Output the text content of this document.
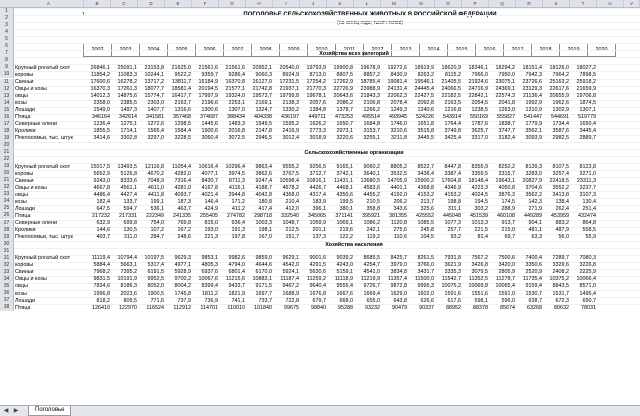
A	B	C	D	E	F	G	H	I	J	K	L	M	N	O	P	Q	R	S	T	U	V
1	ПОГОЛОВЬЕ СЕЛЬСКОХОЗЯЙСТВЕННЫХ ЖИВОТНЫХ В РОССИЙСКОЙ ФЕДЕРАЦИИ
(на конец года; тысяч голов)
2002	2003	2004	2005	2006	2007	2008	2009	2010	2011	2012	2013	2014	2015	2016	2017	2018	2019	2020
1
2
3
4
5
6
7	Хозяйства всех категорий
8
9	Крупный рогатый скот	26846,1	25091,1	23153,8	21625,0	21561,6	21561,6	20952,1	20540,0	19793,9	19900,8	19678,9	19272,6	18919,9	18620,9	18346,1	18294,2	18151,4	18126,0	18027,2
10	коровы	11854,2	11083,3	10244,1	9522,2	9359,7	9286,4	9060,3	8924,9	8713,0	8807,5	8857,2	8430,9	8263,2	8115,2	7966,0	7950,0	7942,3	7964,2	7898,5
11	Свиньи	17600,6	16278,2	13717,2	13811,7	16184,9	16370,8	16127,0	17231,5	17254,2	17262,9	18785,4	19081,4	19546,1	21405,5	21924,6	23075,1	23726,6	25163,2	25918,2
12	Овцы и козы	16370,3	17261,3	18077,7	18581,4	20194,5	21577,1	21742,8	21937,1	21770,3	22726,9	23988,9	24131,4	24445,4	24066,5	24716,9	24369,1	23129,3	22617,6	21659,9
13	овцы	14012,3	14875,6	15774,7	16417,7	17997,9	19324,0	19573,7	19799,8	19678,1	20643,6	21843,3	22062,3	22427,5	22182,5	22842,1	22574,3	21136,4	20655,9	19706,8
14	козы	2358,0	2385,5	2303,0	2163,7	2196,6	2253,1	2169,1	2138,3	2057,6	2086,2	2106,8	2078,4	2092,8	2163,5	2054,5	2041,8	1992,9	1962,6	1874,5
15	Лошади	1549,0	1497,3	1407,7	1316,6	1300,6	1307,0	1324,7	1330,2	1384,8	1378,7	1266,2	1249,3	1240,6	1216,8	1238,5	1263,0	1310,9	1302,9	1307,1
16	Птица	346164	342614	341581	357468	374687	388434	404338	436197	449711	473253	495514	493945	524226	543914	550169	555827	541447	544691	519779
17	Северные олени	1236,4	1275,1	1272,6	1298,5	1445,6	1483,3	1549,5	1595,2	1626,2	1650,7	1684,8	1746,0	1651,8	1764,4	1787,6	1838,7	1779,9	1734,4	1650,4
18	Кролики	1855,5	1714,1	1565,4	1584,4	1900,6	2016,8	2147,8	2416,9	2773,3	2973,1	3153,7	3210,6	3515,8	3749,8	3625,7	3747,7	3562,1	3587,6	3445,4
19	Пчелосемьи, тыс. штук	3414,6	3302,8	3297,0	3228,5	3060,4	3072,5	2946,5	3012,4	3018,9	3220,6	3255,1	3211,8	3445,5	3425,4	3317,0	3182,4	3093,9	2982,5	2889,7
20
21	Сельскохозяйственные организации
22
19	Крупный рогатый скот	15017,5	13493,5	12116,8	11054,4	10616,4	10296,4	9863,4	9555,2	9256,5	9165,1	9060,2	8805,2	8522,7	8447,8	8355,9	8252,2	8139,3	8107,5	8123,8
20	коровы	5652,9	5126,8	4670,2	4282,0	4077,1	3974,5	3862,6	3767,5	3712,7	3742,1	3640,1	3532,5	3438,4	3387,4	3359,5	3315,7	3283,0	3257,4	3271,0
21	Свиньи	9243,0	8333,6	7048,9	7316,4	8430,7	8711,3	9247,4	10598,4	10816,1	11431,1	13680,5	14705,9	15900,2	17604,8	18148,4	19643,1	20827,9	22418,5	23311,3
22	Овцы и козы	4667,8	4561,1	4611,0	4281,0	4167,8	4116,1	4188,7	4678,2	4426,7	4468,1	4583,6	4401,1	4368,8	4346,9	4223,3	4050,8	3704,6	3552,2	3237,7
23	овцы	4486,4	4427,4	4411,8	4093,7	4021,4	3944,8	4042,8	4368,0	4317,4	4350,6	4455,2	4192,0	4153,2	4153,2	4024,5	3876,3	3562,2	3413,8	3107,3
24	козы	182,4	133,7	199,1	187,3	146,4	171,2	180,8	210,4	183,9	199,5	210,5	206,2	213,7	198,8	194,5	174,5	142,3	138,4	130,4
25	Лошади	647,5	594,7	536,1	463,7	424,9	411,2	417,4	412,0	396,1	380,1	358,8	343,6	325,6	311,1	303,2	288,9	271,9	262,4	251,4
26	Птица	217232	217331	222349	241335	255405	274782	298718	332540	345065	371141	395921	381355	425552	445048	451539	460108	449289	453959	432474
27	Северные олени	632,9	699,8	754,0	769,8	815,0	936,4	1003,3	1048,7	1059,9	1069,1	1086,2	1120,8	1085,5	1077,3	1013,3	913,7	904,1	883,2	864,8
28	Кролики	144,6	130,5	107,2	167,2	193,0	191,3	198,1	212,5	201,1	219,6	242,1	275,6	245,8	257,7	221,5	215,0	481,1	487,9	558,5
29	Пчелосемьи, тыс. штук	403,7	311,0	284,7	248,6	221,3	197,8	167,0	151,7	137,3	122,2	119,2	110,6	104,5	93,2	81,4	69,7	63,3	56,0	55,9
30	Хозяйства населения
31
31	Крупный рогатый скот	11119,4	10794,4	10197,5	9629,3	9853,1	9982,6	9859,0	9629,1	9001,6	9039,2	8685,5	8425,7	8261,5	7931,8	7567,2	7500,6	7400,4	7289,7	7080,3
32	коровы	5884,4	5663,1	5317,4	4977,1	4805,3	4794,0	4644,6	4542,0	4291,5	4243,0	4254,7	3979,0	3766,0	3621,9	3426,8	3420,0	3350,6	3329,6	3226,8
33	Свиньи	7968,2	7395,2	6191,5	5928,9	6937,6	6801,4	6170,0	5924,1	5630,6	5159,1	4541,0	3834,8	3431,7	3335,3	3079,5	2805,9	2520,9	2408,2	2225,9
34	Овцы и козы	9831,5	10191,9	9952,5	9700,2	10067,6	11215,6	10883,1	11187,4	11259,2	11118,9	11219,9	11357,4	11500,0	11542,7	11352,5	11278,7	11735,4	10375,2	10066,4
35	овцы	7834,6	8186,3	8052,0	8004,2	8399,4	9433,7	9171,5	9467,2	9640,4	9555,4	9726,7	9872,8	9995,3	10075,2	10069,8	10065,4	9159,4	8843,5	8571,0
36	козы	1996,8	2023,6	1900,5	1745,8	1811,2	1821,9	1697,7	1688,9	1676,8	1667,6	1669,4	1629,0	1602,0	1591,6	1551,6	1591,0	1530,7	1531,7	1495,4
37	Лошади	818,2	809,5	771,6	737,9	736,9	741,1	733,7	722,8	679,7	668,0	655,0	643,8	626,6	617,6	598,1	596,0	638,7	672,3	650,7
38	Птица	126410	122970	116524	112912	114701	110010	101840	99675	98840	95288	93232	90479	90337	88952	88378	85674	63268	80632	78031
◀ ▶	Поголовье
